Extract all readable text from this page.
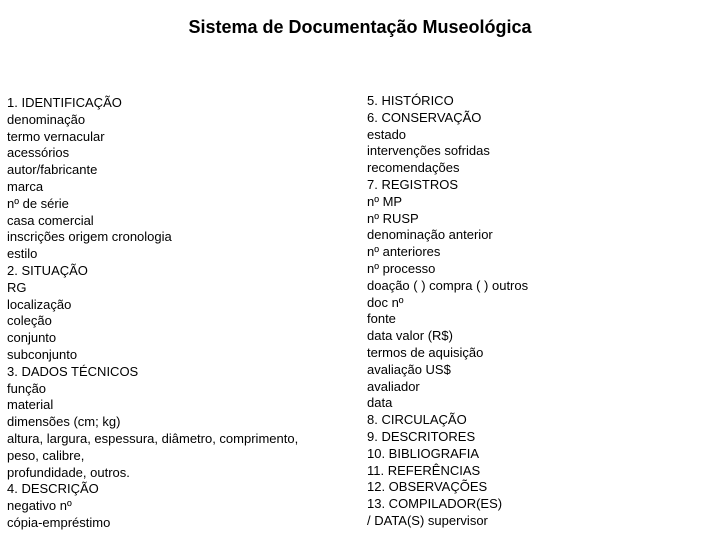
Sistema de Documentação Museológica
1. IDENTIFICAÇÃO
denominação
termo vernacular
acessórios
autor/fabricante
marca
nº de série
casa comercial
inscrições origem cronologia
estilo
2. SITUAÇÃO
RG
localização
coleção
conjunto
subconjunto
3. DADOS TÉCNICOS
função
material
dimensões (cm; kg)
altura, largura, espessura, diâmetro, comprimento,
peso, calibre,
profundidade, outros.
4. DESCRIÇÃO
negativo nº
cópia-empréstimo
5. HISTÓRICO
6. CONSERVAÇÃO
estado
intervenções sofridas
recomendações
7. REGISTROS
nº MP
nº RUSP
denominação anterior
nº anteriores
nº processo
doação ( ) compra ( ) outros
doc nº
fonte
data valor (R$)
termos de aquisição
avaliação US$
avaliador
data
8. CIRCULAÇÃO
9. DESCRITORES
10. BIBLIOGRAFIA
11. REFERÊNCIAS
12. OBSERVAÇÕES
13. COMPILADOR(ES)
/ DATA(S) supervisor
